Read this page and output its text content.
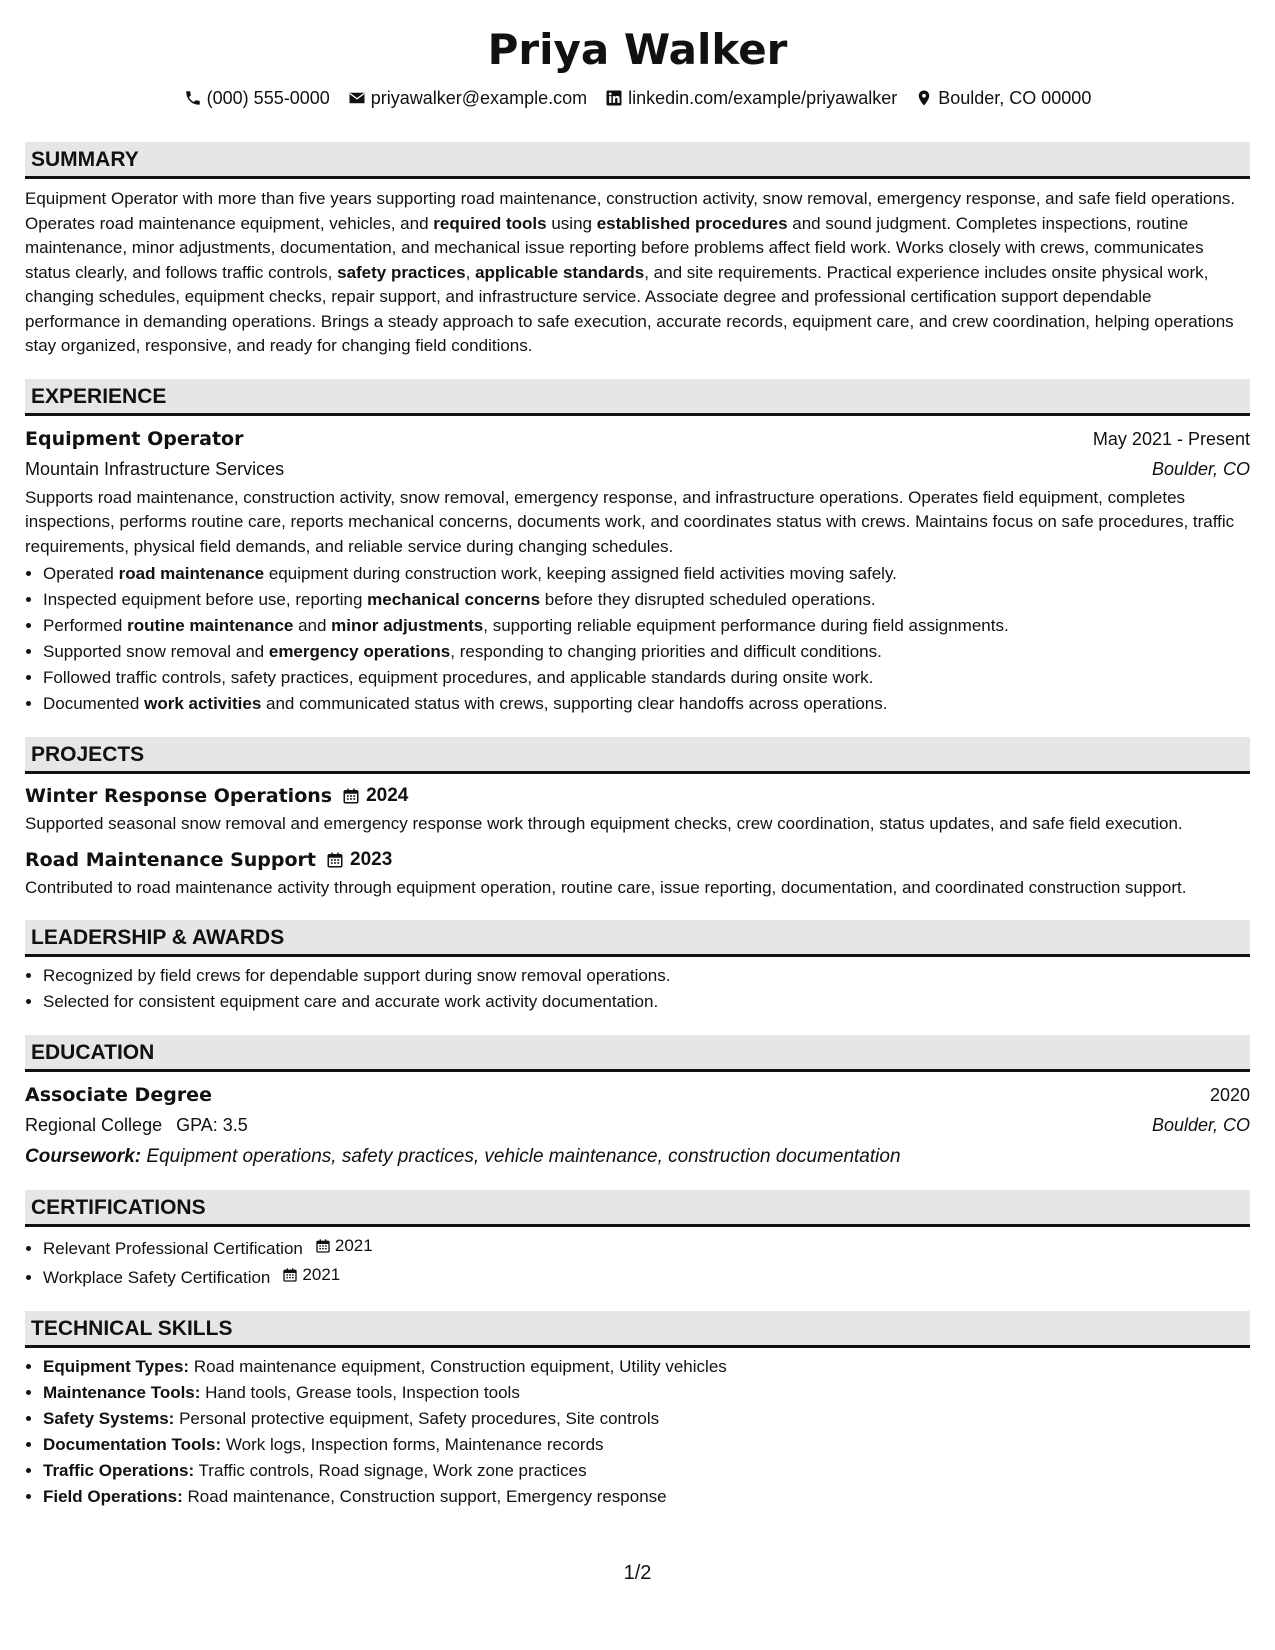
Priya Walker
(000) 555-0000 priyawalker@example.com linkedin.com/example/priyawalker Boulder, CO 00000
SUMMARY
Equipment Operator with more than five years supporting road maintenance, construction activity, snow removal, emergency response, and safe field operations. Operates road maintenance equipment, vehicles, and required tools using established procedures and sound judgment. Completes inspections, routine maintenance, minor adjustments, documentation, and mechanical issue reporting before problems affect field work. Works closely with crews, communicates status clearly, and follows traffic controls, safety practices, applicable standards, and site requirements. Practical experience includes onsite physical work, changing schedules, equipment checks, repair support, and infrastructure service. Associate degree and professional certification support dependable performance in demanding operations. Brings a steady approach to safe execution, accurate records, equipment care, and crew coordination, helping operations stay organized, responsive, and ready for changing field conditions.
EXPERIENCE
Equipment Operator	May 2021 - Present
Mountain Infrastructure Services	Boulder, CO
Supports road maintenance, construction activity, snow removal, emergency response, and infrastructure operations. Operates field equipment, completes inspections, performs routine care, reports mechanical concerns, documents work, and coordinates status with crews. Maintains focus on safe procedures, traffic requirements, physical field demands, and reliable service during changing schedules.
• Operated road maintenance equipment during construction work, keeping assigned field activities moving safely.
• Inspected equipment before use, reporting mechanical concerns before they disrupted scheduled operations.
• Performed routine maintenance and minor adjustments, supporting reliable equipment performance during field assignments.
• Supported snow removal and emergency operations, responding to changing priorities and difficult conditions.
• Followed traffic controls, safety practices, equipment procedures, and applicable standards during onsite work.
• Documented work activities and communicated status with crews, supporting clear handoffs across operations.
PROJECTS
Winter Response Operations 2024
Supported seasonal snow removal and emergency response work through equipment checks, crew coordination, status updates, and safe field execution.
Road Maintenance Support 2023
Contributed to road maintenance activity through equipment operation, routine care, issue reporting, documentation, and coordinated construction support.
LEADERSHIP & AWARDS
• Recognized by field crews for dependable support during snow removal operations.
• Selected for consistent equipment care and accurate work activity documentation.
EDUCATION
Associate Degree	2020
Regional College GPA: 3.5	Boulder, CO
Coursework: Equipment operations, safety practices, vehicle maintenance, construction documentation
CERTIFICATIONS
• Relevant Professional Certification 2021
• Workplace Safety Certification 2021
TECHNICAL SKILLS
• Equipment Types: Road maintenance equipment, Construction equipment, Utility vehicles
• Maintenance Tools: Hand tools, Grease tools, Inspection tools
• Safety Systems: Personal protective equipment, Safety procedures, Site controls
• Documentation Tools: Work logs, Inspection forms, Maintenance records
• Traffic Operations: Traffic controls, Road signage, Work zone practices
• Field Operations: Road maintenance, Construction support, Emergency response
1/2
